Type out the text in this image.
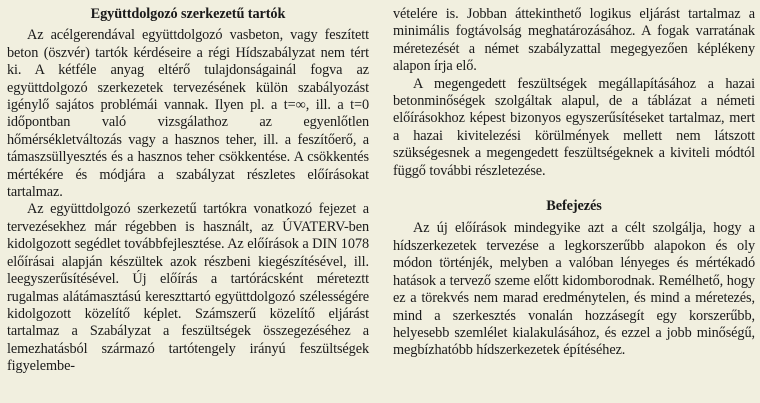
Együttdolgozó szerkezetű tartók

Az acélgerendával együttdolgozó vasbeton, vagy feszített beton (öszvér) tartók kérdéseire a régi Hídszabályzat nem tért ki. A kétféle anyag eltérő tulajdonságainál fogva az együttdolgozó szerkezetek tervezésének külön szabályozást igénylő sajátos problémái vannak. Ilyen pl. a t=∞, ill. a t=0 időpontban való vizsgálathoz az egyenlőtlen hőmérsékletváltozás vagy a hasznos teher, ill. a feszítőerő, a támaszsüllyesztés és a hasznos teher csökkentése. A csökkentés mértékére és módjára a szabályzat részletes előírásokat tartalmaz.

Az együttdolgozó szerkezetű tartókra vonatkozó fejezet a tervezésekhez már régebben is használt, az ÚVATERV-ben kidolgozott segédlet továbbfejlesztése. Az előírások a DIN 1078 előírásai alapján készültek azok részbeni kiegészítésével, ill. leegyszerűsítésével. Új előírás a tartórácsként méreteztt rugalmas alátámasztású kereszttartó együttdolgozó szélességére kidolgozott közelítő képlet. Számszerű közelítő eljárást tartalmaz a Szabályzat a feszültségek összegezéséhez a lemezhatásból származó tartótengely irányú feszültségek figyelembe-

vételére is. Jobban áttekinthető logikus eljárást tartalmaz a minimális fogtávolság meghatározásához. A fogak varratának méretezését a német szabályzattal megegyezően képlékeny alapon írja elő.

A megengedett feszültségek megállapításához a hazai betonminőségek szolgáltak alapul, de a táblázat a németi előírásokhoz képest bizonyos egyszerűsítéseket tartalmaz, mert a hazai kivitelezési körülmények mellett nem látszott szükségesnek a megengedett feszültségeknek a kiviteli módtól függő további részletezése.

Befejezés

Az új előírások mindegyike azt a célt szolgálja, hogy a hídszerkezetek tervezése a legkorszerűbb alapokon és oly módon történjék, melyben a valóban lényeges és mértékadó hatások a tervező szeme előtt kidomborodnak. Remélhető, hogy ez a törekvés nem marad eredménytelen, és mind a méretezés, mind a szerkesztés vonalán hozzásegít egy korszerűbb, helyesebb szemlélet kialakulásához, és ezzel a jobb minőségű, megbízhatóbb hídszerkezetek építéséhez.
